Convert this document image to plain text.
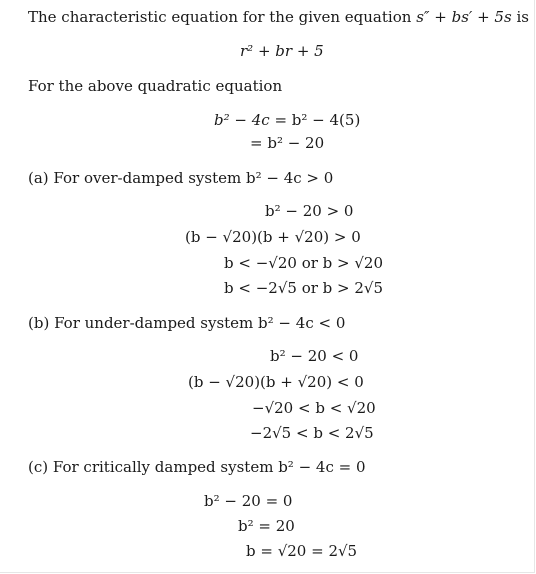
The characteristic equation for the given equation s″ + bs′ + 5s is
r² + br + 5
For the above quadratic equation
b² − 4c = b² − 4(5)
= b² − 20
(a) For over-damped system b² − 4c > 0
b² − 20 > 0
(b − √20)(b + √20) > 0
b < −√20 or b > √20
b < −2√5 or b > 2√5
(b) For under-damped system b² − 4c < 0
b² − 20 < 0
(b − √20)(b + √20) < 0
−√20 < b < √20
−2√5 < b < 2√5
(c) For critically damped system b² − 4c = 0
b² − 20 = 0
b² = 20
b = √20 = 2√5
